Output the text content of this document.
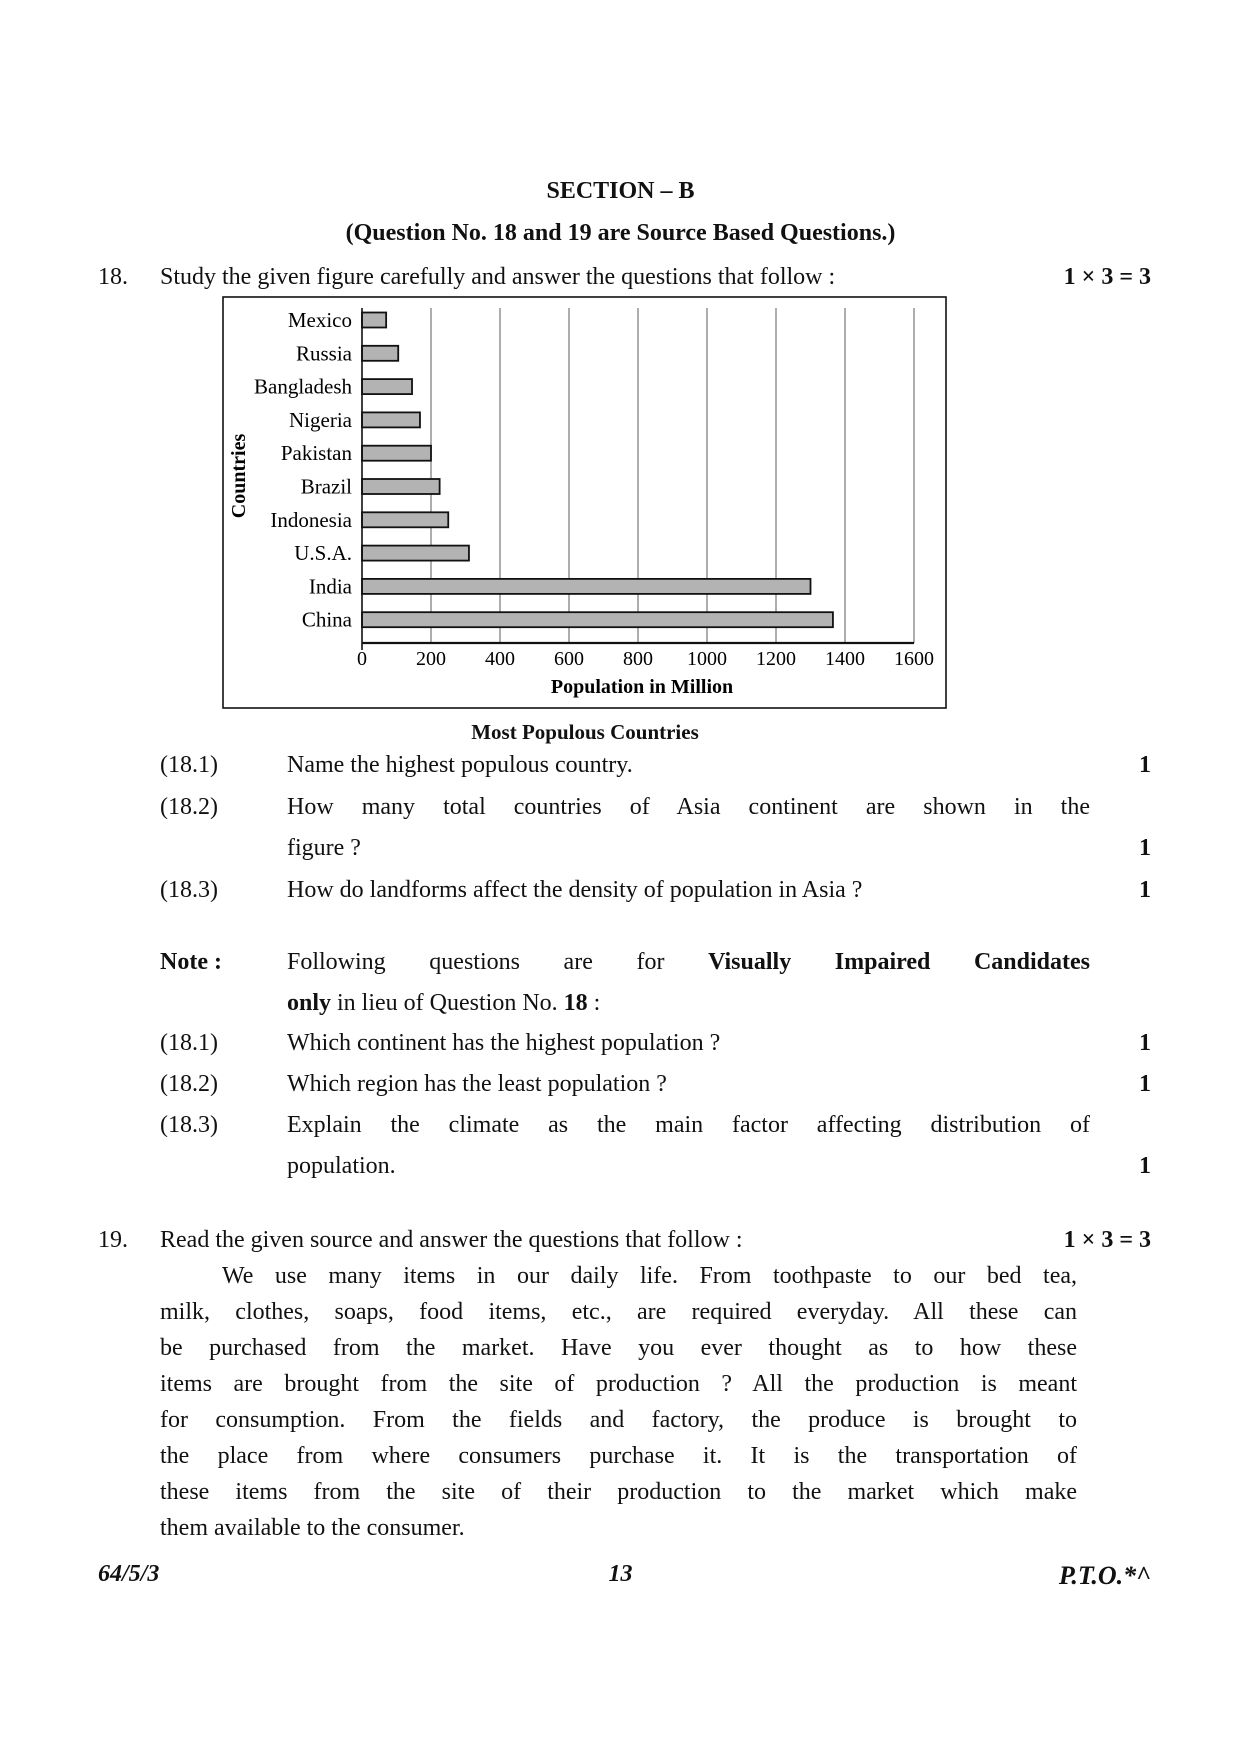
SECTION – B
(Question No. 18 and 19 are Source Based Questions.)
18. Study the given figure carefully and answer the questions that follow :	1 × 3 = 3
Mexico
Russia
Bangladesh
Nigeria
Pakistan
Brazil
Indonesia
U.S.A.
India
China
0 200 400 600 800 1000 1200 1400 1600
Population in Million
Countries
Most Populous Countries
(18.1)	Name the highest populous country.	1
(18.2)	How many total countries of Asia continent are shown in the
figure ?	1
(18.3)	How do landforms affect the density of population in Asia ?	1
Note :	Following questions are for Visually Impaired Candidates
only in lieu of Question No. 18 :
(18.1)	Which continent has the highest population ?	1
(18.2)	Which region has the least population ?	1
(18.3)	Explain the climate as the main factor affecting distribution of
population.	1
19. Read the given source and answer the questions that follow :	1 × 3 = 3
We use many items in our daily life. From toothpaste to our bed tea,
milk, clothes, soaps, food items, etc., are required everyday. All these can
be purchased from the market. Have you ever thought as to how these
items are brought from the site of production ? All the production is meant
for consumption. From the fields and factory, the produce is brought to
the place from where consumers purchase it. It is the transportation of
these items from the site of their production to the market which make
them available to the consumer.
64/5/3	13	P.T.O.*^
